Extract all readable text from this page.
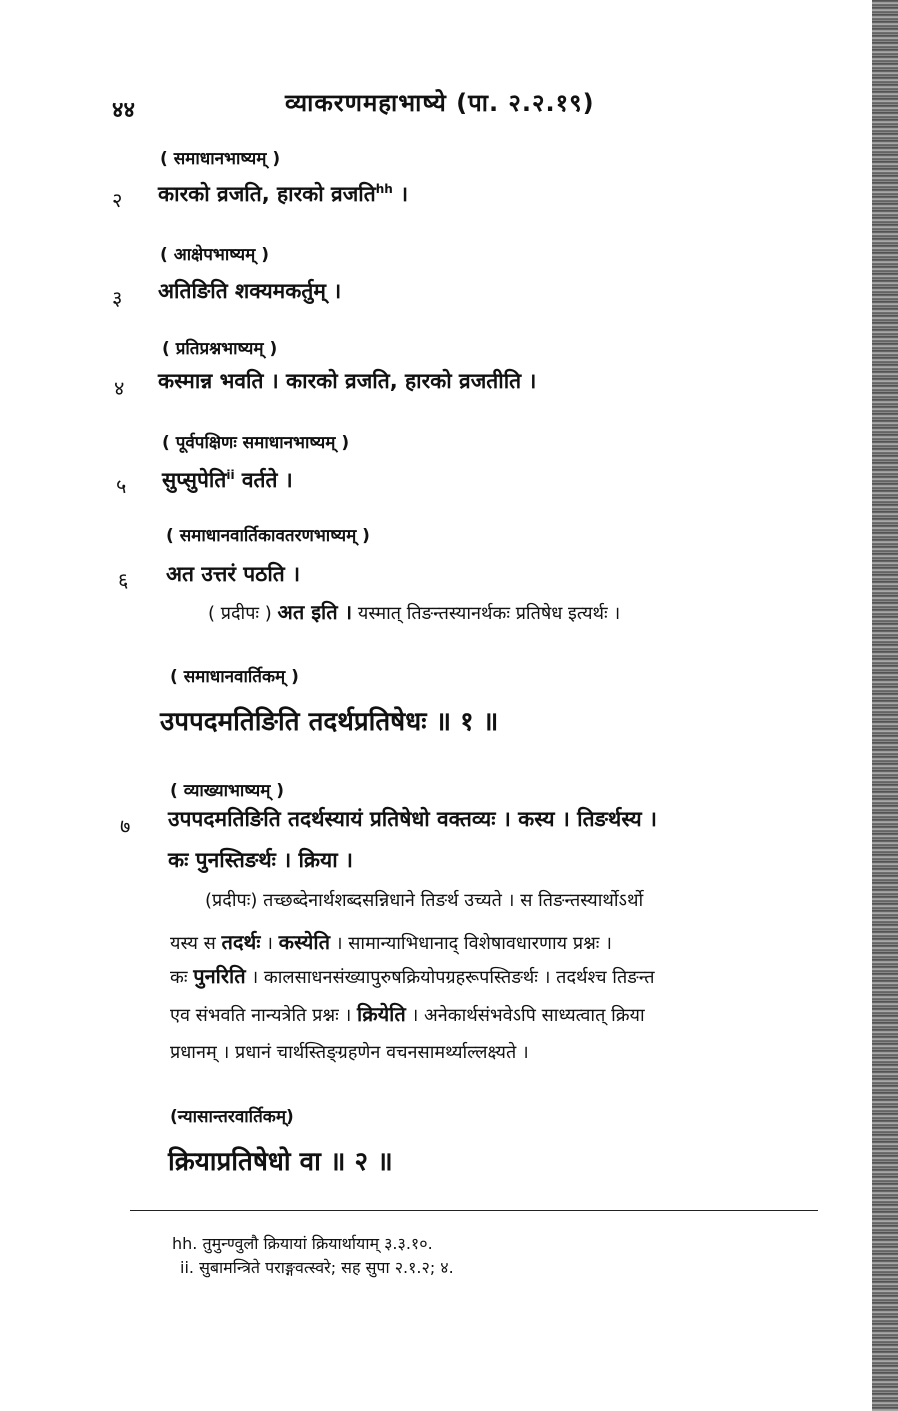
४४	व्याकरणमहाभाष्ये (पा. २.२.१९)
( समाधानभाष्यम् )
२ कारको व्रजति, हारको व्रजति$^{hh}$ ।
( आक्षेपभाष्यम् )
३ अतिङिति शक्यमकर्तुम् ।
( प्रतिप्रश्नभाष्यम् )
४ कस्मान्न भवति । कारको व्रजति, हारको व्रजतीति ।
( पूर्वपक्षिणः समाधानभाष्यम् )
५ सुप्सुपेति$^{ii}$ वर्तते ।
( समाधानवार्तिकावतरणभाष्यम् )
६ अत उत्तरं पठति ।
( प्रदीपः ) अत इति । यस्मात् तिङन्तस्यानर्थकः प्रतिषेध इत्यर्थः ।
( समाधानवार्तिकम् )
उपपदमतिङिति तदर्थप्रतिषेधः ॥ १ ॥
( व्याख्याभाष्यम् )
७ उपपदमतिङिति तदर्थस्यायं प्रतिषेधो वक्तव्यः । कस्य । तिङर्थस्य ।
कः पुनस्तिङर्थः । क्रिया ।
(प्रदीपः) तच्छब्देनार्थशब्दसन्निधाने तिङर्थ उच्यते । स तिङन्तस्यार्थोऽर्थो
यस्य स तदर्थः । कस्येति । सामान्याभिधानाद् विशेषावधारणाय प्रश्नः ।
कः पुनरिति । कालसाधनसंख्यापुरुषक्रियोपग्रहरूपस्तिङर्थः । तदर्थश्च तिङन्त
एव संभवति नान्यत्रेति प्रश्नः । क्रियेति । अनेकार्थसंभवेऽपि साध्यत्वात् क्रिया
प्रधानम् । प्रधानं चार्थस्तिङ्ग्रहणेन वचनसामर्थ्याल्लक्ष्यते ।
(न्यासान्तरवार्तिकम्)
क्रियाप्रतिषेधो वा ॥ २ ॥
hh. तुमुन्ण्वुलौ क्रियायां क्रियार्थायाम् ३.३.१०.
ii. सुबामन्त्रिते पराङ्गवत्स्वरे; सह सुपा २.१.२; ४.
